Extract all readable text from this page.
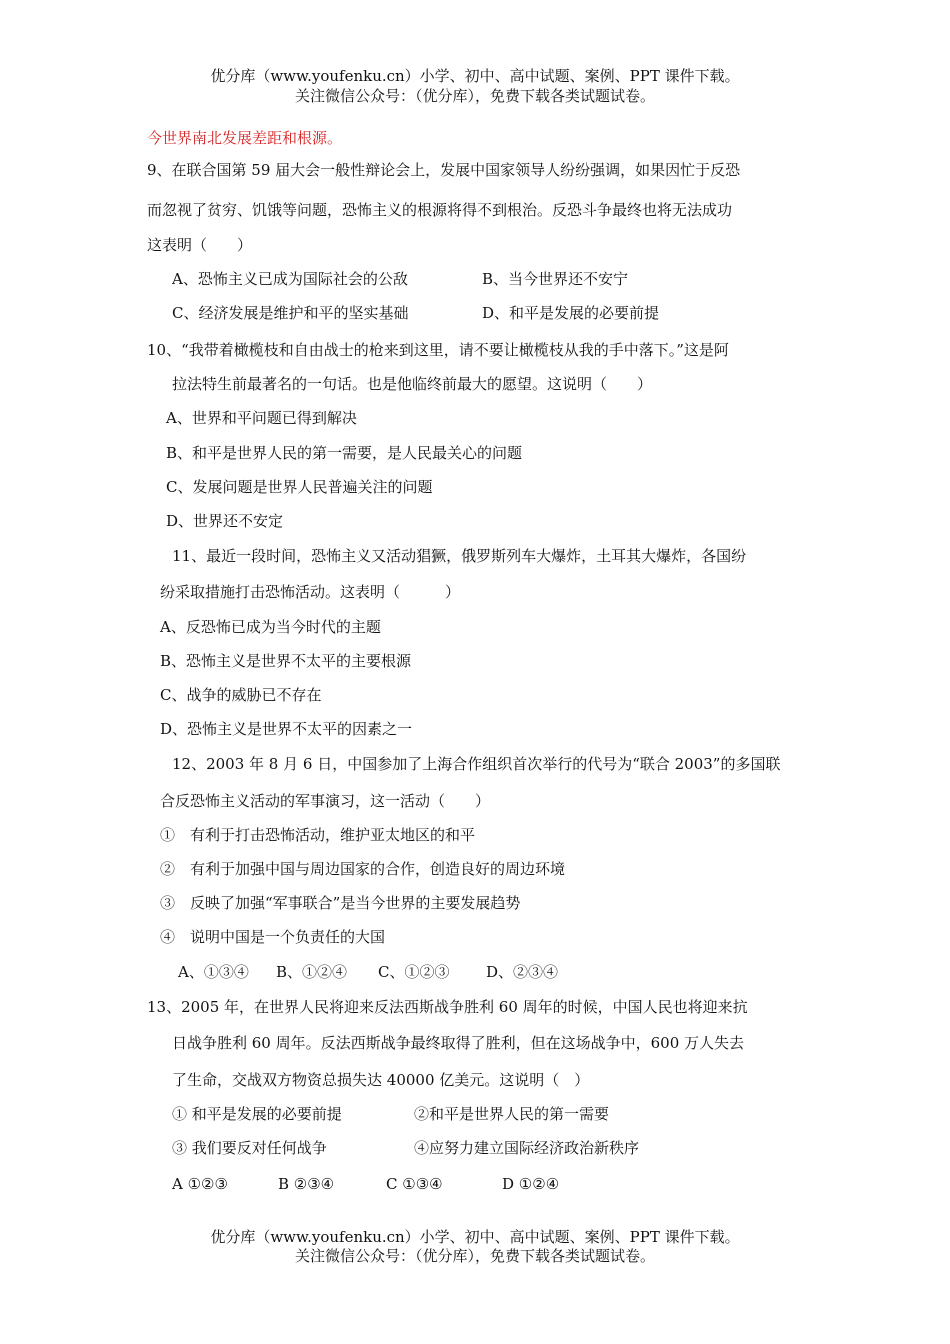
优分库（www.youfenku.cn）小学、初中、高中试题、案例、PPT 课件下载。
关注微信公众号：（优分库），免费下载各类试题试卷。
今世界南北发展差距和根源。
9、在联合国第 59 届大会一般性辩论会上，发展中国家领导人纷纷强调，如果因忙于反恐
而忽视了贫穷、饥饿等问题，恐怖主义的根源将得不到根治。反恐斗争最终也将无法成功
这表明（　　）
A、恐怖主义已成为国际社会的公敌	B、当今世界还不安宁
C、经济发展是维护和平的坚实基础	D、和平是发展的必要前提
10、“我带着橄榄枝和自由战士的枪来到这里，请不要让橄榄枝从我的手中落下。”这是阿
拉法特生前最著名的一句话。也是他临终前最大的愿望。这说明（　　）
A、世界和平问题已得到解决
B、和平是世界人民的第一需要，是人民最关心的问题
C、发展问题是世界人民普遍关注的问题
D、世界还不安定
11、最近一段时间，恐怖主义又活动猖獗，俄罗斯列车大爆炸，土耳其大爆炸，各国纷
纷采取措施打击恐怖活动。这表明（　　　）
A、反恐怖已成为当今时代的主题
B、恐怖主义是世界不太平的主要根源
C、战争的威胁已不存在
D、恐怖主义是世界不太平的因素之一
12、2003 年 8 月 6 日，中国参加了上海合作组织首次举行的代号为“联合 2003”的多国联
合反恐怖主义活动的军事演习，这一活动（　　）
①　有利于打击恐怖活动，维护亚太地区的和平
②　有利于加强中国与周边国家的合作，创造良好的周边环境
③　反映了加强“军事联合”是当今世界的主要发展趋势
④　说明中国是一个负责任的大国
A、①③④ B、①②④ C、①②③ D、②③④
13、2005 年，在世界人民将迎来反法西斯战争胜利 60 周年的时候，中国人民也将迎来抗
日战争胜利 60 周年。反法西斯战争最终取得了胜利，但在这场战争中，600 万人失去
了生命，交战双方物资总损失达 40000 亿美元。这说明（　）
① 和平是发展的必要前提	②和平是世界人民的第一需要
③ 我们要反对任何战争	④应努力建立国际经济政治新秩序
A ①②③	B ②③④	C ①③④	D ①②④
优分库（www.youfenku.cn）小学、初中、高中试题、案例、PPT 课件下载。
关注微信公众号：（优分库），免费下载各类试题试卷。
